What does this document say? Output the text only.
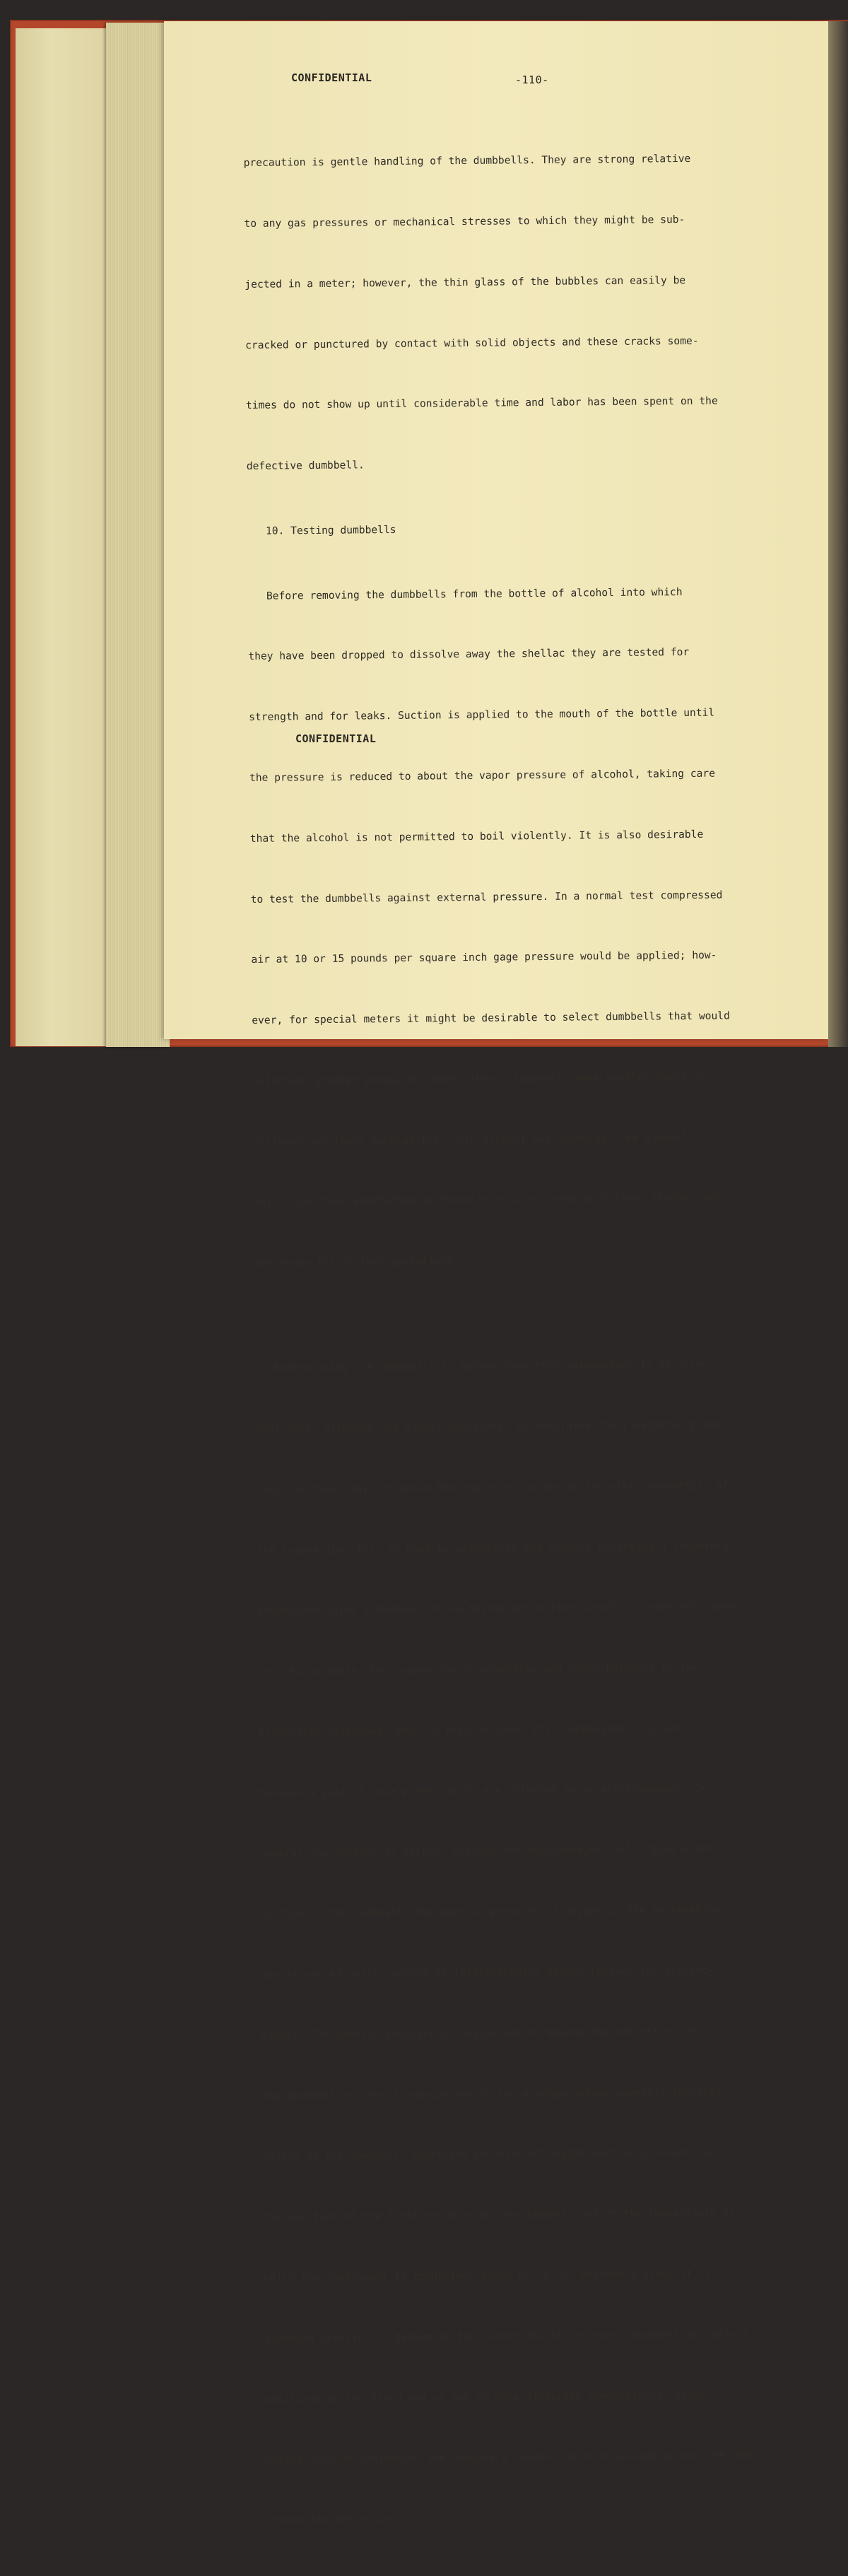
CONFIDENTIAL	-110-

precaution is gentle handling of the dumbbells. They are strong relative

to any gas pressures or mechanical stresses to which they might be sub-

jected in a meter; however, the thin glass of the bubbles can easily be

cracked or punctured by contact with solid objects and these cracks some-

times do not show up until considerable time and labor has been spent on the

defective dumbbell.

10. Testing dumbbells

Before removing the dumbbells from the bottle of alcohol into which

they have been dropped to dissolve away the shellac they are tested for

strength and for leaks. Suction is applied to the mouth of the bottle until

the pressure is reduced to about the vapor pressure of alcohol, taking care

that the alcohol is not permitted to boil violently. It is also desirable

to test the dumbbells against external pressure. In a normal test compressed

air at 10 or 15 pounds per square inch gage pressure would be applied; how-

ever, for special meters it might be desirable to select dumbbells that would

withstand greater pressures. Under these treatments weak bubbles burst or

collapse and leaky bubbles fill with alcohol and submerge. The dumbbells

which have been unaffected by these tests are rinsed with fresh alcohol and

are ready for further operations.

Before using the dumbbells in making completed suspensions it is often

desirable, although not always necessary, to determine their magnetic proper-

ties, as these may influence the choice of values of the other parameters of

the suspension. This is done by assembling and roughly balancing a temporary

suspension using a dumbbell to be tested and a fiber which is repeatedly used

for this purpose. The suspension is assembled and rough-balanced by the

procedures described later in this section. This suspension is placed

between a pair of pole pieces which are attached to an electromagnet. In

general the passage of current through the electromagnet will cause a def-

lection of the dumbbell. The partial pressure of oxygen in the surrounding

gas is varied while current is intermittently passed through the electro-

magnet. The partial pressure of oxygen which reduces the deflection of

the dumbbell to zero is equivalent to the average volume magnetic suscepti-

bility of the dumbbell, expressed in units of oxygen partial pressure, at

the position of the field occupied by the dumbbell and at the temperature at

which the experiment is conducted. Among Dr. A. O. Beckman's group it is

standard practice to determine the susceptibility of every dumbbell at various

positions in the field and at two or more different temperatures. After

making this determination the temporary suspension is disassembled and the dumb

stored for future use.

CONFIDENTIAL
